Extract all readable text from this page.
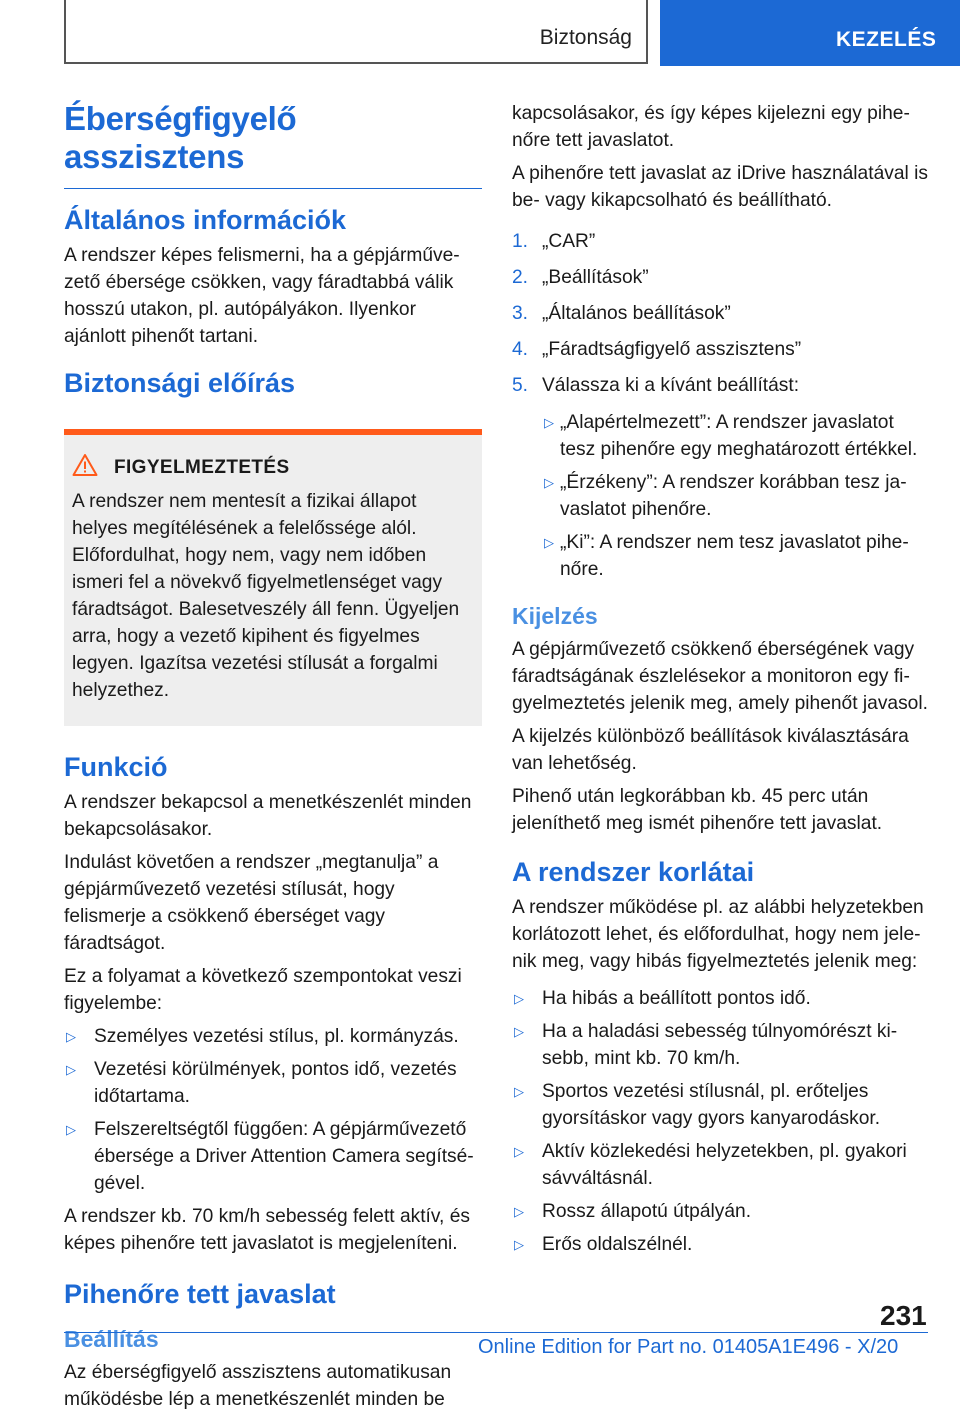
Biztonság	KEZELÉS
Éberségfigyelő asszisztens
Általános információk

A rendszer képes felismerni, ha a gépjárművezető ébersége csökken, vagy fáradtabbá válik hosszú utakon, pl. autópályákon. Ilyenkor ajánlott pihenőt tartani.

Biztonsági előírás
FIGYELMEZTETÉS

A rendszer nem mentesít a fizikai állapot helyes megítélésének a felelőssége alól. Előfordulhat, hogy nem, vagy nem időben ismeri fel a növekvő figyelmetlenséget vagy fáradtságot. Balesetveszély áll fenn. Ügyeljen arra, hogy a vezető kipihent és figyelmes legyen. Igazítsa vezetési stílusát a forgalmi helyzethez.

Funkció

A rendszer bekapcsol a menetkészenlét minden bekapcsolásakor.

Indulást követően a rendszer „megtanulja” a gépjárművezető vezetési stílusát, hogy felismerje a csökkenő éberséget vagy fáradtságot.

Ez a folyamat a következő szempontokat veszi figyelembe:

▷ Személyes vezetési stílus, pl. kormányzás.
▷ Vezetési körülmények, pontos idő, vezetés időtartama.
▷ Felszereltségtől függően: A gépjárművezető ébersége a Driver Attention Camera segítségével.

A rendszer kb. 70 km/h sebesség felett aktív, és képes pihenőre tett javaslatot is megjeleníteni.

Pihenőre tett javaslat
Beállítás

Az éberségfigyelő asszisztens automatikusan működésbe lép a menetkészenlét minden be

kapcsolásakor, és így képes kijelezni egy pihenőre tett javaslatot.

A pihenőre tett javaslat az iDrive használatával is be- vagy kikapcsolható és beállítható.

1. „CAR”
2. „Beállítások”
3. „Általános beállítások”
4. „Fáradtságfigyelő asszisztens”
5. Válassza ki a kívánt beállítást:
▷ „Alapértelmezett”: A rendszer javaslatot tesz pihenőre egy meghatározott értékkel.
▷ „Érzékeny”: A rendszer korábban tesz javaslatot pihenőre.
▷ „Ki”: A rendszer nem tesz javaslatot pihenőre.
Kijelzés

A gépjárművezető csökkenő éberségének vagy fáradtságának észlelésekor a monitoron egy figyelmeztetés jelenik meg, amely pihenőt javasol.

A kijelzés különböző beállítások kiválasztására van lehetőség.

Pihenő után legkorábban kb. 45 perc után jeleníthető meg ismét pihenőre tett javaslat.

A rendszer korlátai

A rendszer működése pl. az alábbi helyzetekben korlátozott lehet, és előfordulhat, hogy nem jelenik meg, vagy hibás figyelmeztetés jelenik meg:

▷ Ha hibás a beállított pontos idő.
▷ Ha a haladási sebesség túlnyomórészt kisebb, mint kb. 70 km/h.
▷ Sportos vezetési stílusnál, pl. erőteljes gyorsításkor vagy gyors kanyarodáskor.
▷ Aktív közlekedési helyzetekben, pl. gyakori sávváltásnál.
▷ Rossz állapotú útpályán.
▷ Erős oldalszélnél.
231
Online Edition for Part no. 01405A1E496 - X/20
